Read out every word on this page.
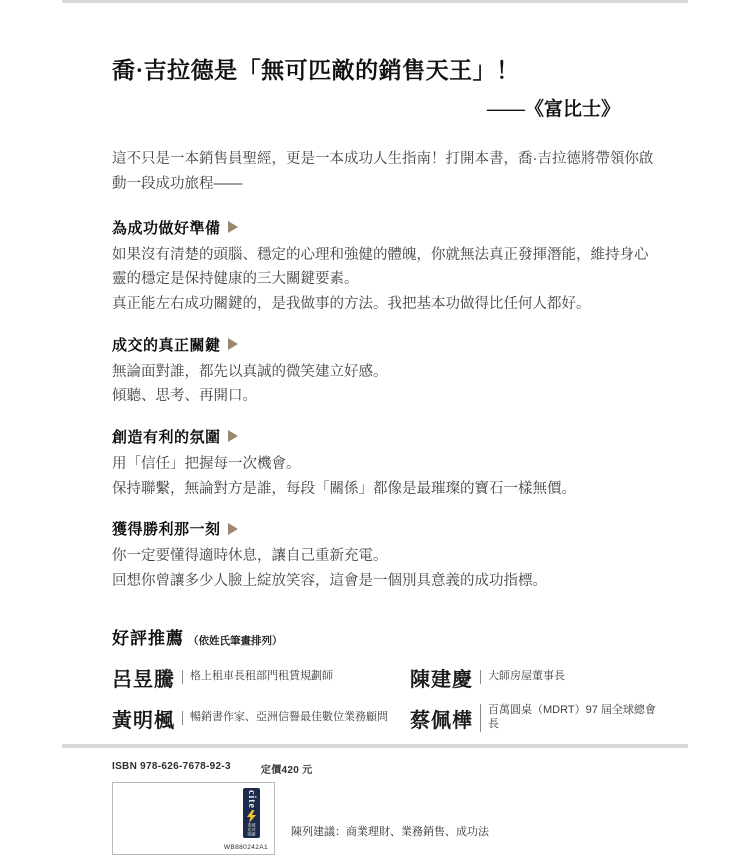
喬·吉拉德是「無可匹敵的銷售天王」！
——《富比士》

這不只是一本銷售員聖經，更是一本成功人生指南！打開本書，喬·吉拉德將帶領你啟動一段成功旅程——

為成功做好準備

如果沒有清楚的頭腦、穩定的心理和強健的體魄，你就無法真正發揮潛能，維持身心靈的穩定是保持健康的三大關鍵要素。

真正能左右成功關鍵的，是我做事的方法。我把基本功做得比任何人都好。

成交的真正關鍵

無論面對誰，都先以真誠的微笑建立好感。

傾聽、思考、再開口。

創造有利的氛圍

用「信任」把握每一次機會。

保持聯繫，無論對方是誰，每段「關係」都像是最璀璨的寶石一樣無價。

獲得勝利那一刻

你一定要懂得適時休息，讓自己重新充電。

回想你曾讓多少人臉上綻放笑容，這會是一個別具意義的成功指標。

好評推薦 （依姓氏筆畫排列）
呂昱騰	格上租車長租部門租賃規劃師	陳建慶	大師房屋董事長
黃明楓	暢銷書作家、亞洲信譽最佳數位業務顧問 蔡佩樺	百萬圓桌（MDRT）97 屆全球總會長
ISBN 978-626-7678-92-3	定價420 元
cite
城邦讀書花園
WB880242A1
陳列建議：商業理財、業務銷售、成功法
